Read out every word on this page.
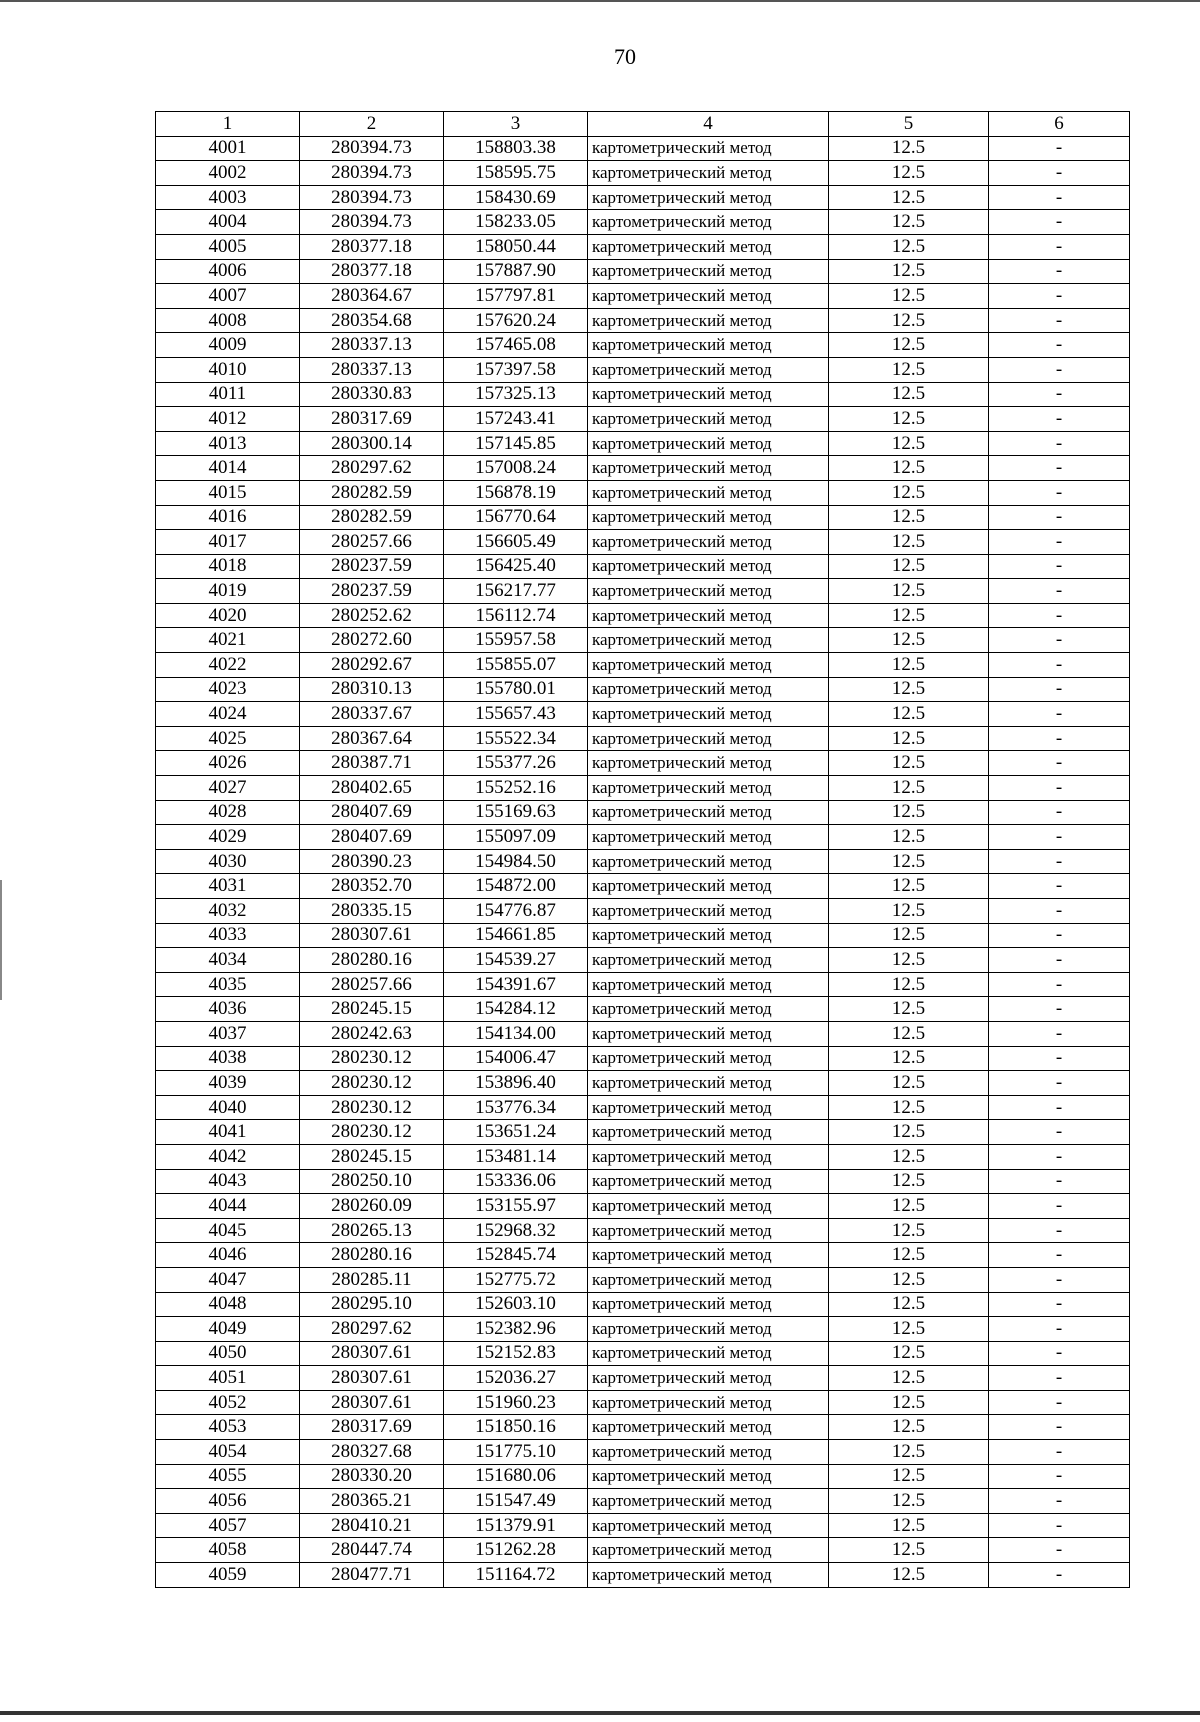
70
1	2	3	4	5	6
4001	280394.73	158803.38	картометрический метод	12.5	-
4002	280394.73	158595.75	картометрический метод	12.5	-
4003	280394.73	158430.69	картометрический метод	12.5	-
4004	280394.73	158233.05	картометрический метод	12.5	-
4005	280377.18	158050.44	картометрический метод	12.5	-
4006	280377.18	157887.90	картометрический метод	12.5	-
4007	280364.67	157797.81	картометрический метод	12.5	-
4008	280354.68	157620.24	картометрический метод	12.5	-
4009	280337.13	157465.08	картометрический метод	12.5	-
4010	280337.13	157397.58	картометрический метод	12.5	-
4011	280330.83	157325.13	картометрический метод	12.5	-
4012	280317.69	157243.41	картометрический метод	12.5	-
4013	280300.14	157145.85	картометрический метод	12.5	-
4014	280297.62	157008.24	картометрический метод	12.5	-
4015	280282.59	156878.19	картометрический метод	12.5	-
4016	280282.59	156770.64	картометрический метод	12.5	-
4017	280257.66	156605.49	картометрический метод	12.5	-
4018	280237.59	156425.40	картометрический метод	12.5	-
4019	280237.59	156217.77	картометрический метод	12.5	-
4020	280252.62	156112.74	картометрический метод	12.5	-
4021	280272.60	155957.58	картометрический метод	12.5	-
4022	280292.67	155855.07	картометрический метод	12.5	-
4023	280310.13	155780.01	картометрический метод	12.5	-
4024	280337.67	155657.43	картометрический метод	12.5	-
4025	280367.64	155522.34	картометрический метод	12.5	-
4026	280387.71	155377.26	картометрический метод	12.5	-
4027	280402.65	155252.16	картометрический метод	12.5	-
4028	280407.69	155169.63	картометрический метод	12.5	-
4029	280407.69	155097.09	картометрический метод	12.5	-
4030	280390.23	154984.50	картометрический метод	12.5	-
4031	280352.70	154872.00	картометрический метод	12.5	-
4032	280335.15	154776.87	картометрический метод	12.5	-
4033	280307.61	154661.85	картометрический метод	12.5	-
4034	280280.16	154539.27	картометрический метод	12.5	-
4035	280257.66	154391.67	картометрический метод	12.5	-
4036	280245.15	154284.12	картометрический метод	12.5	-
4037	280242.63	154134.00	картометрический метод	12.5	-
4038	280230.12	154006.47	картометрический метод	12.5	-
4039	280230.12	153896.40	картометрический метод	12.5	-
4040	280230.12	153776.34	картометрический метод	12.5	-
4041	280230.12	153651.24	картометрический метод	12.5	-
4042	280245.15	153481.14	картометрический метод	12.5	-
4043	280250.10	153336.06	картометрический метод	12.5	-
4044	280260.09	153155.97	картометрический метод	12.5	-
4045	280265.13	152968.32	картометрический метод	12.5	-
4046	280280.16	152845.74	картометрический метод	12.5	-
4047	280285.11	152775.72	картометрический метод	12.5	-
4048	280295.10	152603.10	картометрический метод	12.5	-
4049	280297.62	152382.96	картометрический метод	12.5	-
4050	280307.61	152152.83	картометрический метод	12.5	-
4051	280307.61	152036.27	картометрический метод	12.5	-
4052	280307.61	151960.23	картометрический метод	12.5	-
4053	280317.69	151850.16	картометрический метод	12.5	-
4054	280327.68	151775.10	картометрический метод	12.5	-
4055	280330.20	151680.06	картометрический метод	12.5	-
4056	280365.21	151547.49	картометрический метод	12.5	-
4057	280410.21	151379.91	картометрический метод	12.5	-
4058	280447.74	151262.28	картометрический метод	12.5	-
4059	280477.71	151164.72	картометрический метод	12.5	-
